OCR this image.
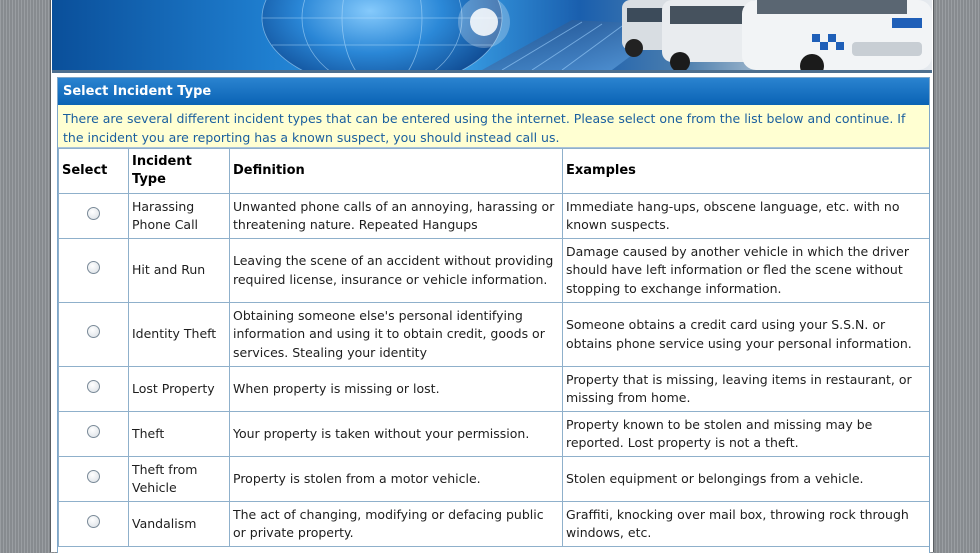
Select Incident Type
There are several different incident types that can be entered using the internet. Please select one from the list below and continue. If the incident you are reporting has a known suspect, you should instead call us.
Select	Incident Type	Definition	Examples
	Harassing Phone Call	Unwanted phone calls of an annoying, harassing or threatening nature. Repeated Hangups	Immediate hang-ups, obscene language, etc. with no known suspects.
	Hit and Run	Leaving the scene of an accident without providing required license, insurance or vehicle information.	Damage caused by another vehicle in which the driver should have left information or fled the scene without stopping to exchange information.
	Identity Theft	Obtaining someone else's personal identifying information and using it to obtain credit, goods or services. Stealing your identity	Someone obtains a credit card using your S.S.N. or obtains phone service using your personal information.
	Lost Property	When property is missing or lost.	Property that is missing, leaving items in restaurant, or missing from home.
	Theft	Your property is taken without your permission.	Property known to be stolen and missing may be reported. Lost property is not a theft.
	Theft from Vehicle	Property is stolen from a motor vehicle.	Stolen equipment or belongings from a vehicle.
	Vandalism	The act of changing, modifying or defacing public or private property.	Graffiti, knocking over mail box, throwing rock through windows, etc.
